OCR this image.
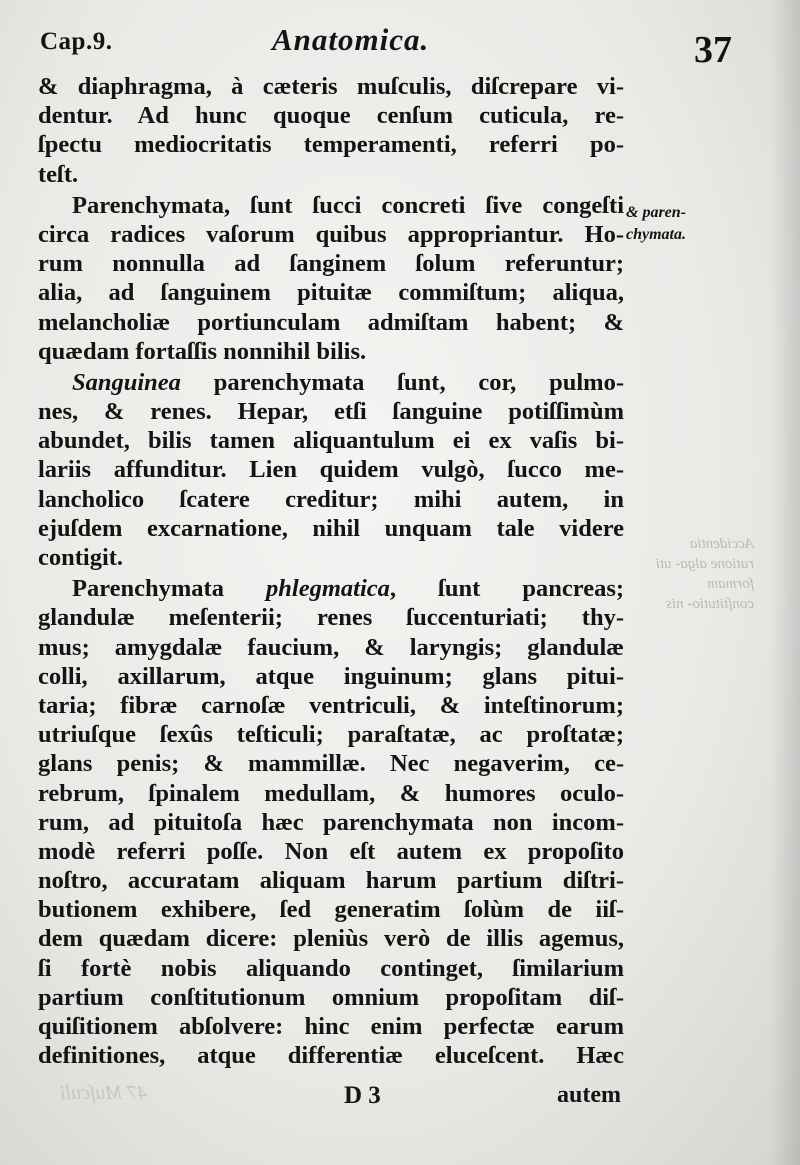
Cap.9.	Anatomica.	37
& diaphragma, à cæteris muſculis, diſcrepare vi-
dentur. Ad hunc quoque cenſum cuticula, re-
ſpectu mediocritatis temperamenti, referri po-
teſt.
Parenchymata, ſunt ſucci concreti ſive congeſti
circa radices vaſorum quibus appropriantur. Ho-
rum nonnulla ad ſanginem ſolum referuntur;
alia, ad ſanguinem pituitæ commiſtum; aliqua,
melancholiæ portiunculam admiſtam habent; &
quædam fortaſſis nonnihil bilis.
Sanguinea parenchymata ſunt, cor, pulmo-
nes, & renes. Hepar, etſi ſanguine potiſſimùm
abundet, bilis tamen aliquantulum ei ex vaſis bi-
lariis affunditur. Lien quidem vulgò, ſucco me-
lancholico ſcatere creditur; mihi autem, in
ejuſdem excarnatione, nihil unquam tale videre
contigit.
Parenchymata phlegmatica, ſunt pancreas;
glandulæ meſenterii; renes ſuccenturiati; thy-
mus; amygdalæ faucium, & laryngis; glandulæ
colli, axillarum, atque inguinum; glans pitui-
taria; fibræ carnoſæ ventriculi, & inteſtinorum;
utriuſque ſexûs teſticuli; paraſtatæ, ac proſtatæ;
glans penis; & mammillæ. Nec negaverim, ce-
rebrum, ſpinalem medullam, & humores oculo-
rum, ad pituitoſa hæc parenchymata non incom-
modè referri poſſe. Non eſt autem ex propoſito
noſtro, accuratam aliquam harum partium diſtri-
butionem exhibere, ſed generatim ſolùm de iiſ-
dem quædam dicere: pleniùs verò de illis agemus,
ſi fortè nobis aliquando continget, ſimilarium
partium conſtitutionum omnium propoſitam diſ-
quiſitionem abſolvere: hinc enim perfectæ earum
definitiones, atque differentiæ eluceſcent. Hæc
& paren-
chymata.
Accidentia ratione alga- uti formam conſtitutio- nis
47 Muſculi	D 3	autem
